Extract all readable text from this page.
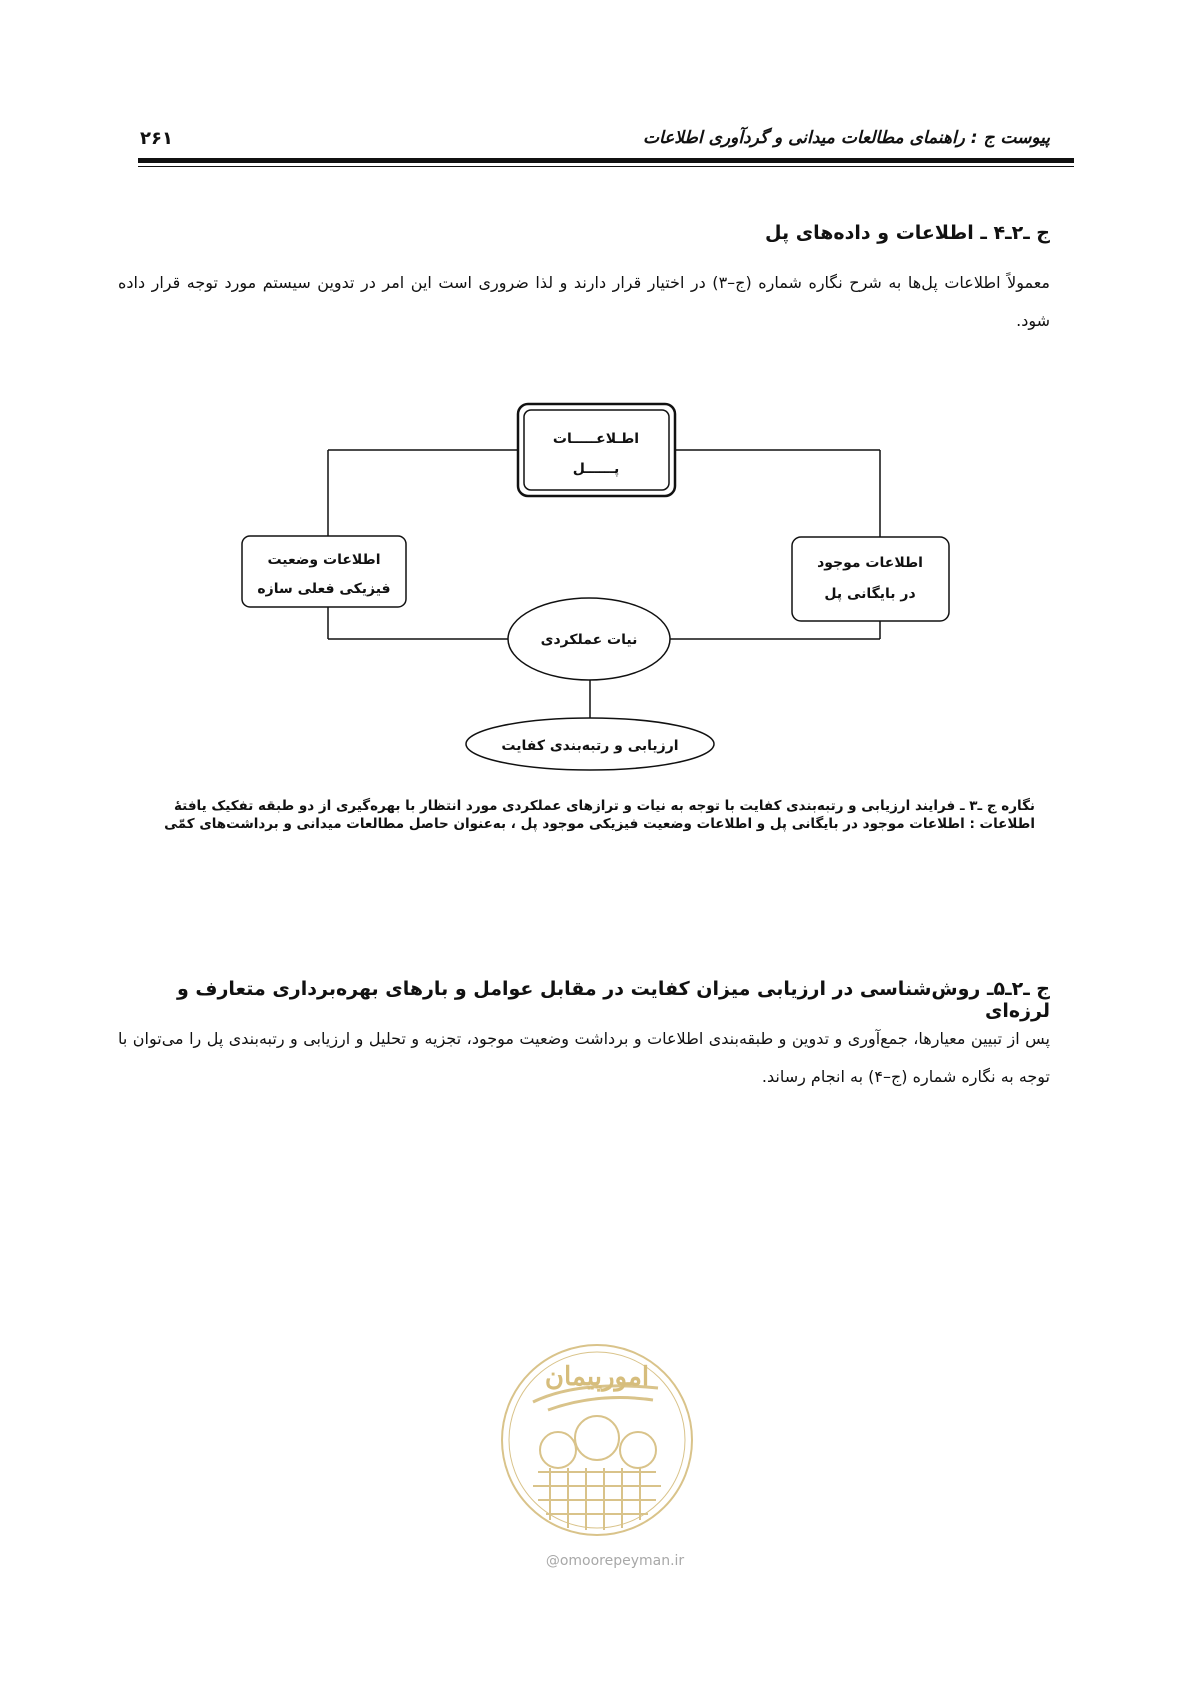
پیوست ج : راهنمای مطالعات میدانی و گردآوری اطلاعات
۲۶۱
ج ـ۲ـ۴ ـ اطلاعات و داده‌های پل
معمولاً اطلاعات پل‌ها به شرح نگاره شماره (ج–۳) در اختیار قرار دارند و لذا ضروری است این امر در تدوین سیستم مورد توجه قرار داده شود.
اطـلاعـــــات
پــــــل
اطلاعات وضعیت
فیزیکی فعلی سازه
اطلاعات موجود
در بایگانی پل
نیات عملکردی
ارزیابی و رتبه‌بندی کفایت
نگاره ج ـ۳ ـ فرایند ارزیابی و رتبه‌بندی کفایت با توجه به نیات و ترازهای عملکردی مورد انتظار با بهره‌گیری از دو طبقه تفکیک یافتهٔ
اطلاعات : اطلاعات موجود در بایگانی پل و اطلاعات وضعیت فیزیکی موجود پل ، به‌عنوان حاصل مطالعات میدانی و برداشت‌های کمّی
ج ـ۲ـ۵ـ روش‌شناسی در ارزیابی میزان کفایت در مقابل عوامل و بارهای بهره‌برداری متعارف و لرزه‌ای
پس از تبیین معیارها، جمع‌آوری و تدوین و طبقه‌بندی اطلاعات و برداشت وضعیت موجود، تجزیه و تحلیل و ارزیابی و رتبه‌بندی پل را می‌توان با توجه به نگاره شماره (ج–۴) به انجام رساند.
امورپیمان
@omoorepeyman.ir
